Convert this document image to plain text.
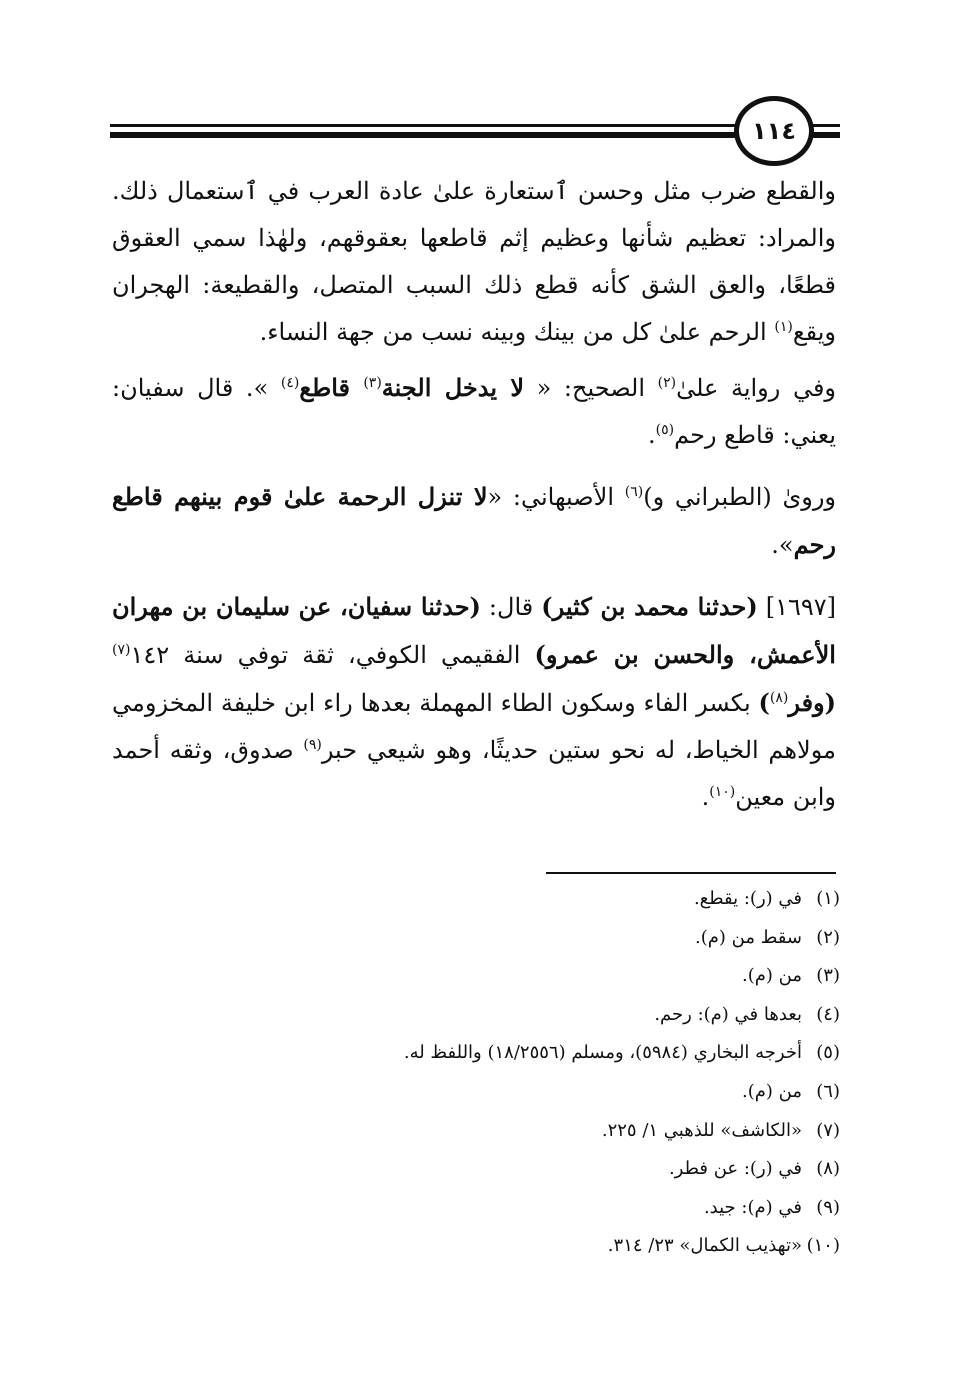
١١٤

والقطع ضرب مثل وحسن ٱستعارة علىٰ عادة العرب في ٱستعمال ذلك. والمراد: تعظيم شأنها وعظيم إثم قاطعها بعقوقهم، ولهٰذا سمي العقوق قطعًا، والعق الشق كأنه قطع ذلك السبب المتصل، والقطيعة: الهجران ويقع$^{(١)}$ الرحم علىٰ كل من بينك وبينه نسب من جهة النساء.

وفي رواية علىٰ$^{(٢)}$ الصحيح: « لا يدخل الجنة$^{(٣)}$ قاطع$^{(٤)}$ ». قال سفيان: يعني: قاطع رحم$^{(٥)}$.

ورویٰ (الطبراني و)$^{(٦)}$ الأصبهاني: «لا تنزل الرحمة علىٰ قوم بينهم قاطع رحم».

[١٦٩٧] (حدثنا محمد بن كثير) قال: (حدثنا سفيان، عن سليمان بن مهران الأعمش، والحسن بن عمرو) الفقيمي الكوفي، ثقة توفي سنة ١٤٢$^{(٧)}$ (وفر$^{(٨)}$) بكسر الفاء وسكون الطاء المهملة بعدها راء ابن خليفة المخزومي مولاهم الخياط، له نحو ستين حديثًا، وهو شيعي حبر$^{(٩)}$ صدوق، وثقه أحمد وابن معين$^{(١٠)}$.

(١)
في (ر): يقطع.
(٢)
سقط من (م).
(٣)
من (م).
(٤)
بعدها في (م): رحم.
(٥)
أخرجه البخاري (٥٩٨٤)، ومسلم (١٨/٢٥٥٦) واللفظ له.
(٦)
من (م).
(٧)
«الكاشف» للذهبي ١/ ٢٢٥.
(٨)
في (ر): عن فطر.
(٩)
في (م): جيد.
(١٠)
«تهذيب الكمال» ٢٣/ ٣١٤.
